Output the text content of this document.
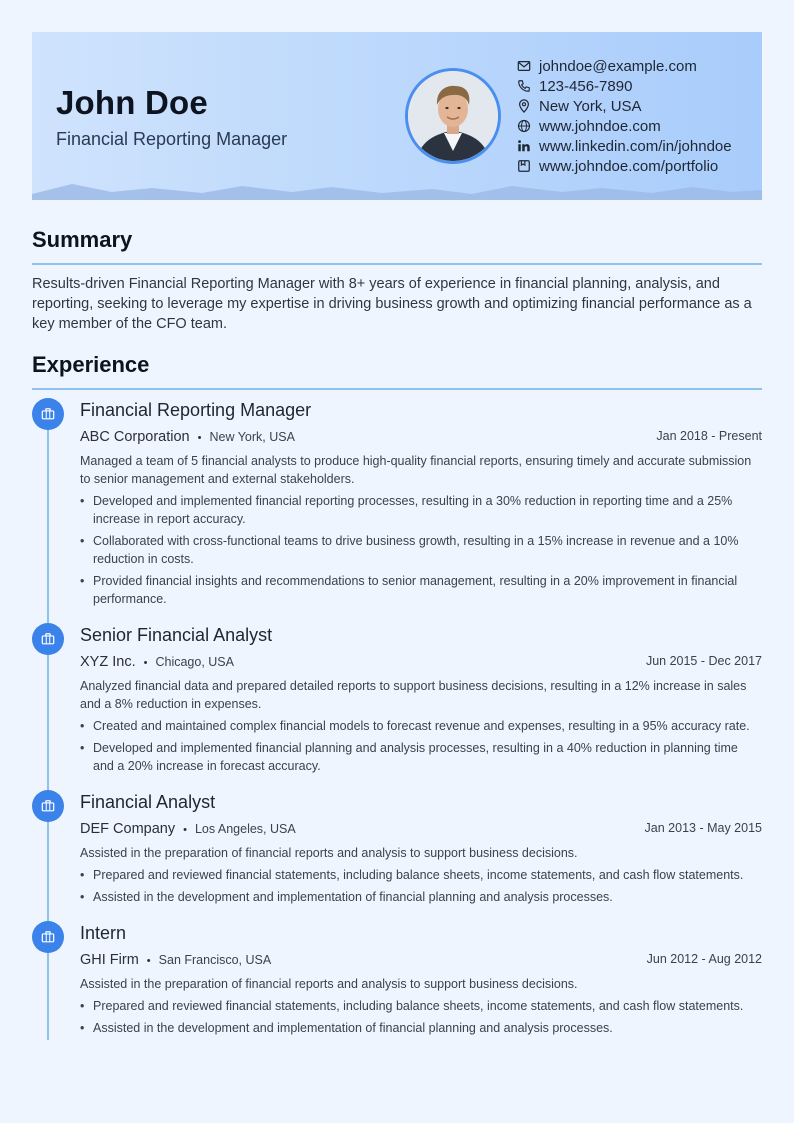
John Doe
Financial Reporting Manager
johndoe@example.com
123-456-7890
New York, USA
www.johndoe.com
www.linkedin.com/in/johndoe
www.johndoe.com/portfolio
Summary
Results-driven Financial Reporting Manager with 8+ years of experience in financial planning, analysis, and reporting, seeking to leverage my expertise in driving business growth and optimizing financial performance as a key member of the CFO team.
Experience
Financial Reporting Manager
ABC Corporation • New York, USA	Jan 2018 - Present
Managed a team of 5 financial analysts to produce high-quality financial reports, ensuring timely and accurate submission to senior management and external stakeholders.
• Developed and implemented financial reporting processes, resulting in a 30% reduction in reporting time and a 25% increase in report accuracy.
• Collaborated with cross-functional teams to drive business growth, resulting in a 15% increase in revenue and a 10% reduction in costs.
• Provided financial insights and recommendations to senior management, resulting in a 20% improvement in financial performance.
Senior Financial Analyst
XYZ Inc. • Chicago, USA	Jun 2015 - Dec 2017
Analyzed financial data and prepared detailed reports to support business decisions, resulting in a 12% increase in sales and a 8% reduction in expenses.
• Created and maintained complex financial models to forecast revenue and expenses, resulting in a 95% accuracy rate.
• Developed and implemented financial planning and analysis processes, resulting in a 40% reduction in planning time and a 20% increase in forecast accuracy.
Financial Analyst
DEF Company • Los Angeles, USA	Jan 2013 - May 2015
Assisted in the preparation of financial reports and analysis to support business decisions.
• Prepared and reviewed financial statements, including balance sheets, income statements, and cash flow statements.
• Assisted in the development and implementation of financial planning and analysis processes.
Intern
GHI Firm • San Francisco, USA	Jun 2012 - Aug 2012
Assisted in the preparation of financial reports and analysis to support business decisions.
• Prepared and reviewed financial statements, including balance sheets, income statements, and cash flow statements.
• Assisted in the development and implementation of financial planning and analysis processes.
